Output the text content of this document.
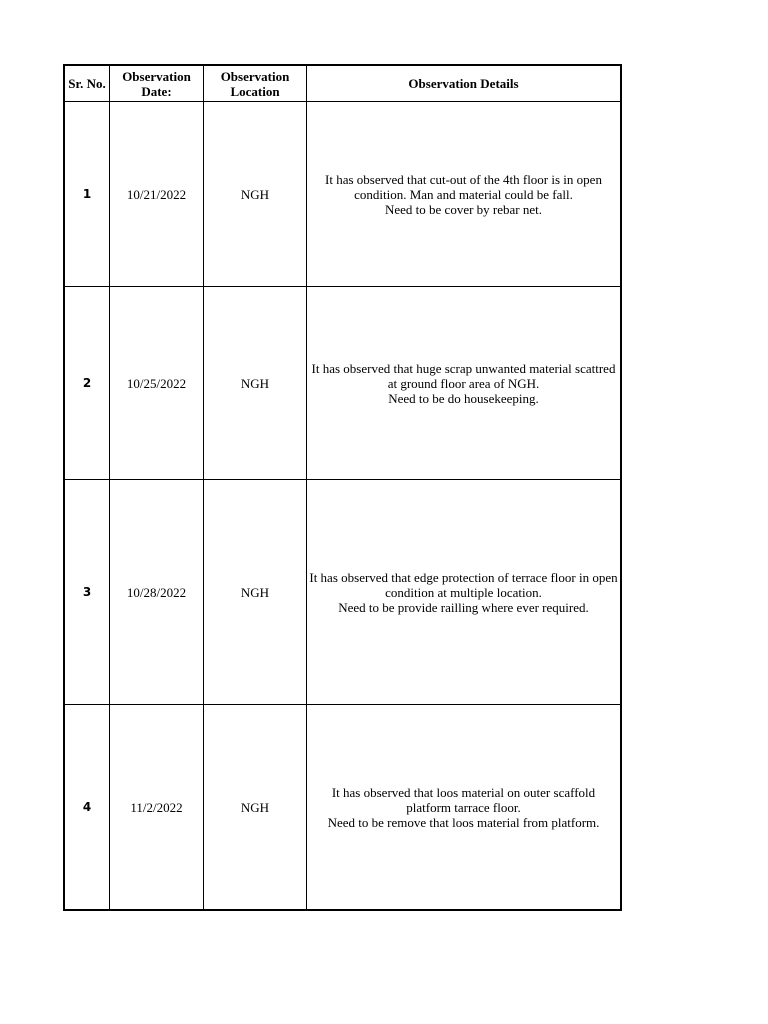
Sr. No.	Observation Date:	Observation Location	Observation Details
1	10/21/2022	NGH	It has observed that cut-out of the 4th floor is in open condition. Man and material could be fall.
Need to be cover by rebar net.
2	10/25/2022	NGH	It has observed that huge scrap unwanted material scattred at ground floor area of NGH.
Need to be do housekeeping.
3	10/28/2022	NGH	It has observed that edge protection of terrace floor in open condition at multiple location.
Need to be provide railling where ever required.
4	11/2/2022	NGH	It has observed that loos material on outer scaffold platform tarrace floor.
Need to be remove that loos material from platform.
